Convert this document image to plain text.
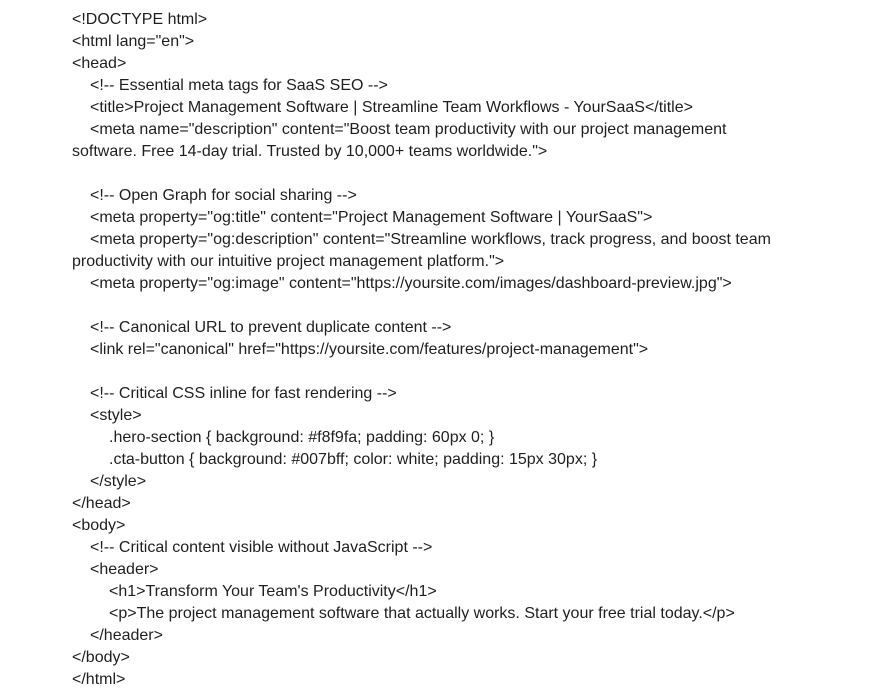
<!DOCTYPE html>
<html lang="en">
<head>
<!-- Essential meta tags for SaaS SEO -->
<title>Project Management Software | Streamline Team Workflows - YourSaaS</title>
<meta name="description" content="Boost team productivity with our project management
software. Free 14-day trial. Trusted by 10,000+ teams worldwide.">
<!-- Open Graph for social sharing -->
<meta property="og:title" content="Project Management Software | YourSaaS">
<meta property="og:description" content="Streamline workflows, track progress, and boost team
productivity with our intuitive project management platform.">
<meta property="og:image" content="https://yoursite.com/images/dashboard-preview.jpg">
<!-- Canonical URL to prevent duplicate content -->
<link rel="canonical" href="https://yoursite.com/features/project-management">
<!-- Critical CSS inline for fast rendering -->
<style>
.hero-section { background: #f8f9fa; padding: 60px 0; }
.cta-button { background: #007bff; color: white; padding: 15px 30px; }
</style>
</head>
<body>
<!-- Critical content visible without JavaScript -->
<header>
<h1>Transform Your Team's Productivity</h1>
<p>The project management software that actually works. Start your free trial today.</p>
</header>
</body>
</html>
